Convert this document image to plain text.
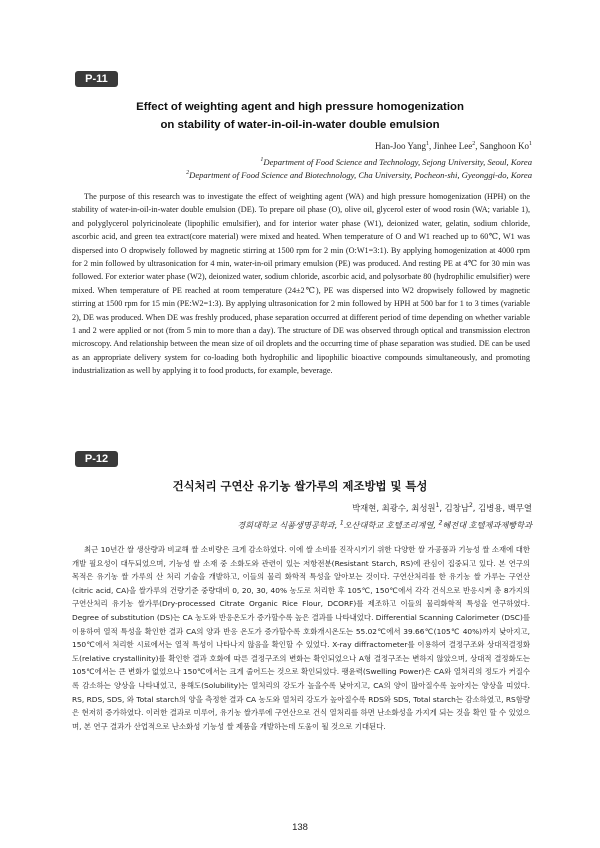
P-11
Effect of weighting agent and high pressure homogenization
on stability of water-in-oil-in-water double emulsion
Han-Joo Yang$^1$, Jinhee Lee$^2$, Sanghoon Ko$^1$
$^1$Department of Food Science and Technology, Sejong University, Seoul, Korea
$^2$Department of Food Science and Biotechnology, Cha University, Pocheon-shi, Gyeonggi-do, Korea

The purpose of this research was to investigate the effect of weighting agent (WA) and high pressure homogenization (HPH) on the stability of water-in-oil-in-water double emulsion (DE). To prepare oil phase (O), olive oil, glycerol ester of wood rosin (WA; variable 1), and polyglycerol polyricinoleate (lipophilic emulsifier), and for interior water phase (W1), deionized water, gelatin, sodium chloride, ascorbic acid, and green tea extract(core material) were mixed and heated. When temperature of O and W1 reached up to 60℃, W1 was dispersed into O dropwisely followed by magnetic stirring at 1500 rpm for 2 min (O:W1=3:1). By applying homogenization at 4000 rpm for 2 min followed by ultrasonication for 4 min, water-in-oil primary emulsion (PE) was produced. And resting PE at 4℃ for 30 min was followed. For exterior water phase (W2), deionized water, sodium chloride, ascorbic acid, and polysorbate 80 (hydrophilic emulsifier) were mixed. When temperature of PE reached at room temperature (24±2℃), PE was dispersed into W2 dropwisely followed by magnetic stirring at 1500 rpm for 15 min (PE:W2=1:3). By applying ultrasonication for 2 min followed by HPH at 500 bar for 1 to 3 times (variable 2), DE was produced. When DE was freshly produced, phase separation occurred at different period of time depending on whether variable 1 and 2 were applied or not (from 5 min to more than a day). The structure of DE was observed through optical and transmission electron microscopy. And relationship between the mean size of oil droplets and the occurring time of phase separation was studied. DE can be used as an appropriate delivery system for co-loading both hydrophilic and lipophilic bioactive compounds simultaneously, and promoting industrialization as well by applying it to food products, for example, beverage.

P-12
건식처리 구연산 유기농 쌀가루의 제조방법 및 특성
박재현, 최광수, 최성원$^1$, 김창남$^2$, 김병용, 백무열
경희대학교 식품생명공학과, $^1$오산대학교 호텔조리계열, $^2$혜전대 호텔제과제빵학과

최근 10년간 쌀 생산량과 비교해 쌀 소비량은 크게 감소하였다. 이에 쌀 소비를 진작시키기 위한 다양한 쌀 가공품과 기능성 쌀 소재에 대한 개발 필요성이 대두되었으며, 기능성 쌀 소재 중 소화도와 관련이 있는 저항전분(Resistant Starch, RS)에 관심이 집중되고 있다. 본 연구의 목적은 유기농 쌀 가루의 산 처리 기술을 개발하고, 이들의 물리 화학적 특성을 알아보는 것이다. 구연산처리를 한 유기농 쌀 가루는 구연산(citric acid, CA)을 쌀가루의 건량기준 중량대비 0, 20, 30, 40% 농도로 처리한 후 105℃, 150℃에서 각각 건식으로 반응시켜 총 8가지의 구연산처리 유기농 쌀가루(Dry-processed Citrate Organic Rice Flour, DCORF)를 제조하고 이들의 물리화학적 특성을 연구하였다. Degree of substitution (DS)는 CA 농도와 반응온도가 증가할수록 높은 결과를 나타내었다. Differential Scanning Calorimeter (DSC)를 이용하여 열적 특성을 확인한 결과 CA의 양과 반응 온도가 증가할수록 호화개시온도는 55.02℃에서 39.66℃(105℃ 40%)까지 낮아지고, 150℃에서 처리한 시료에서는 열적 특성이 나타나지 않음을 확인할 수 있었다. X-ray diffractometer를 이용하여 결정구조와 상대적결정화도(relative crystallinity)를 확인한 결과 호화에 따른 결정구조의 변화는 확인되었으나 A형 결정구조는 변하지 않았으며, 상대적 결정화도는 105℃에서는 큰 변화가 없었으나 150℃에서는 크게 줄어드는 것으로 확인되었다. 팽윤력(Swelling Power)은 CA와 열처리의 정도가 커질수록 감소하는 양상을 나타내었고, 용해도(Solubility)는 열처리의 강도가 높을수록 낮아지고, CA의 양이 많아질수록 높아지는 양상을 띠었다. RS, RDS, SDS, 와 Total starch의 양을 측정한 결과 CA 농도와 열처리 강도가 높아질수록 RDS와 SDS, Total starch는 감소하였고, RS함량은 현저히 증가하였다. 이러한 결과로 미루어, 유기농 쌀가루에 구연산으로 건식 열처리를 하면 난소화성을 가지게 되는 것을 확인 할 수 있었으며, 본 연구 결과가 산업적으로 난소화성 기능성 쌀 제품을 개발하는데 도움이 될 것으로 기대된다.

138
